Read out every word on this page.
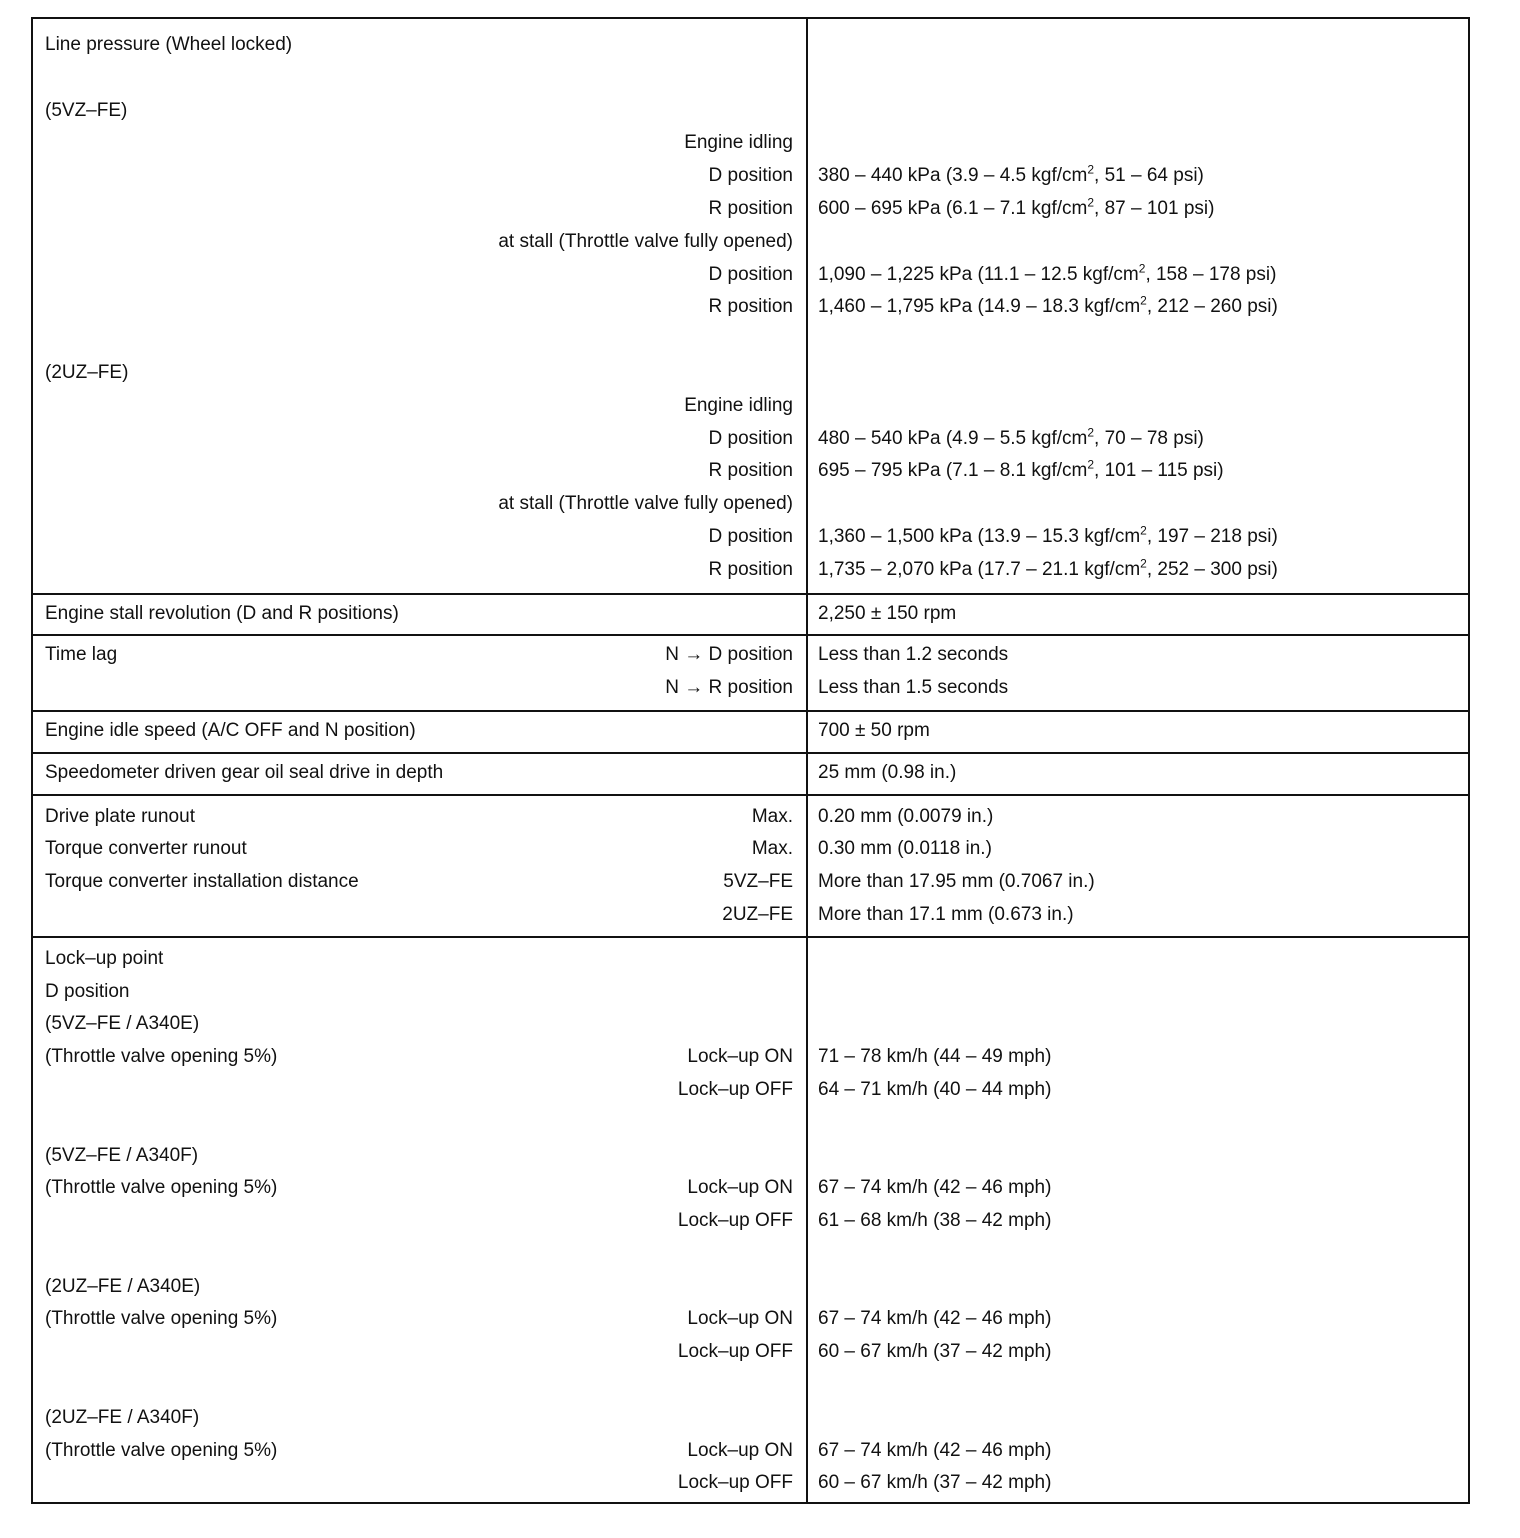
Line pressure (Wheel locked)
(5VZ–FE)
Engine idling
D position 380 – 440 kPa (3.9 – 4.5 kgf/$cm^2$, 51 – 64 psi)
R position 600 – 695 kPa (6.1 – 7.1 kgf/$cm^2$, 87 – 101 psi)
at stall (Throttle valve fully opened)
D position 1,090 – 1,225 kPa (11.1 – 12.5 kgf/$cm^2$, 158 – 178 psi)
R position 1,460 – 1,795 kPa (14.9 – 18.3 kgf/$cm^2$, 212 – 260 psi)
(2UZ–FE)
Engine idling
D position 480 – 540 kPa (4.9 – 5.5 kgf/$cm^2$, 70 – 78 psi)
R position 695 – 795 kPa (7.1 – 8.1 kgf/$cm^2$, 101 – 115 psi)
at stall (Throttle valve fully opened)
D position 1,360 – 1,500 kPa (13.9 – 15.3 kgf/$cm^2$, 197 – 218 psi)
R position 1,735 – 2,070 kPa (17.7 – 21.1 kgf/$cm^2$, 252 – 300 psi)
Engine stall revolution (D and R positions)	2,250 ± 150 rpm
Time lag	N → D position Less than 1.2 seconds
N → R position Less than 1.5 seconds
Engine idle speed (A/C OFF and N position)	700 ± 50 rpm
Speedometer driven gear oil seal drive in depth	25 mm (0.98 in.)
Drive plate runout	Max. 0.20 mm (0.0079 in.)
Torque converter runout	Max. 0.30 mm (0.0118 in.)
Torque converter installation distance	5VZ–FE More than 17.95 mm (0.7067 in.)
2UZ–FE More than 17.1 mm (0.673 in.)
Lock–up point
D position
(5VZ–FE / A340E)
(Throttle valve opening 5%)	Lock–up ON 71 – 78 km/h (44 – 49 mph)
Lock–up OFF 64 – 71 km/h (40 – 44 mph)
(5VZ–FE / A340F)
(Throttle valve opening 5%)	Lock–up ON 67 – 74 km/h (42 – 46 mph)
Lock–up OFF 61 – 68 km/h (38 – 42 mph)
(2UZ–FE / A340E)
(Throttle valve opening 5%)	Lock–up ON 67 – 74 km/h (42 – 46 mph)
Lock–up OFF 60 – 67 km/h (37 – 42 mph)
(2UZ–FE / A340F)
(Throttle valve opening 5%)	Lock–up ON 67 – 74 km/h (42 – 46 mph)
Lock–up OFF 60 – 67 km/h (37 – 42 mph)
